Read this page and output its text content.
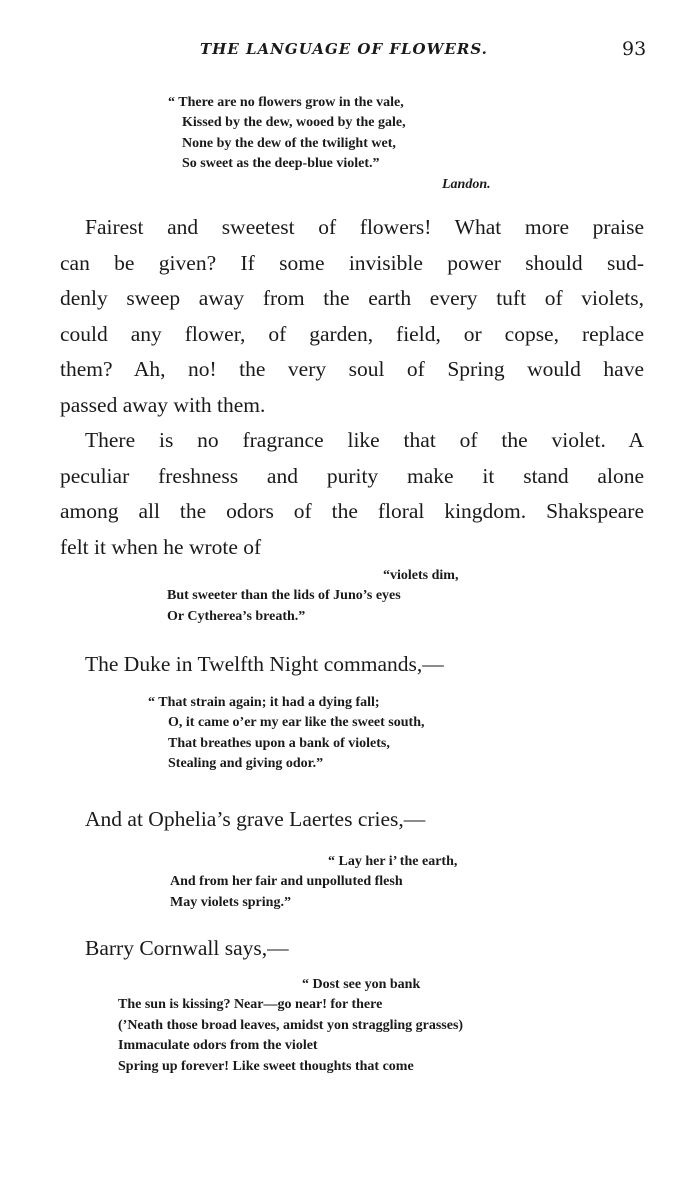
THE LANGUAGE OF FLOWERS.	93
“ There are no flowers grow in the vale,
Kissed by the dew, wooed by the gale,
None by the dew of the twilight wet,
So sweet as the deep-blue violet.”
Landon.
Fairest and sweetest of flowers! What more praise
can be given? If some invisible power should sud-
denly sweep away from the earth every tuft of violets,
could any flower, of garden, field, or copse, replace
them? Ah, no! the very soul of Spring would have
passed away with them.
There is no fragrance like that of the violet. A
peculiar freshness and purity make it stand alone
among all the odors of the floral kingdom. Shakspeare
felt it when he wrote of
“violets dim,
But sweeter than the lids of Juno’s eyes
Or Cytherea’s breath.”
The Duke in Twelfth Night commands,—
“ That strain again; it had a dying fall;
O, it came o’er my ear like the sweet south,
That breathes upon a bank of violets,
Stealing and giving odor.”
And at Ophelia’s grave Laertes cries,—
“ Lay her i’ the earth,
And from her fair and unpolluted flesh
May violets spring.”
Barry Cornwall says,—
“ Dost see yon bank
The sun is kissing? Near—go near! for there
(’Neath those broad leaves, amidst yon straggling grasses)
Immaculate odors from the violet
Spring up forever! Like sweet thoughts that come
